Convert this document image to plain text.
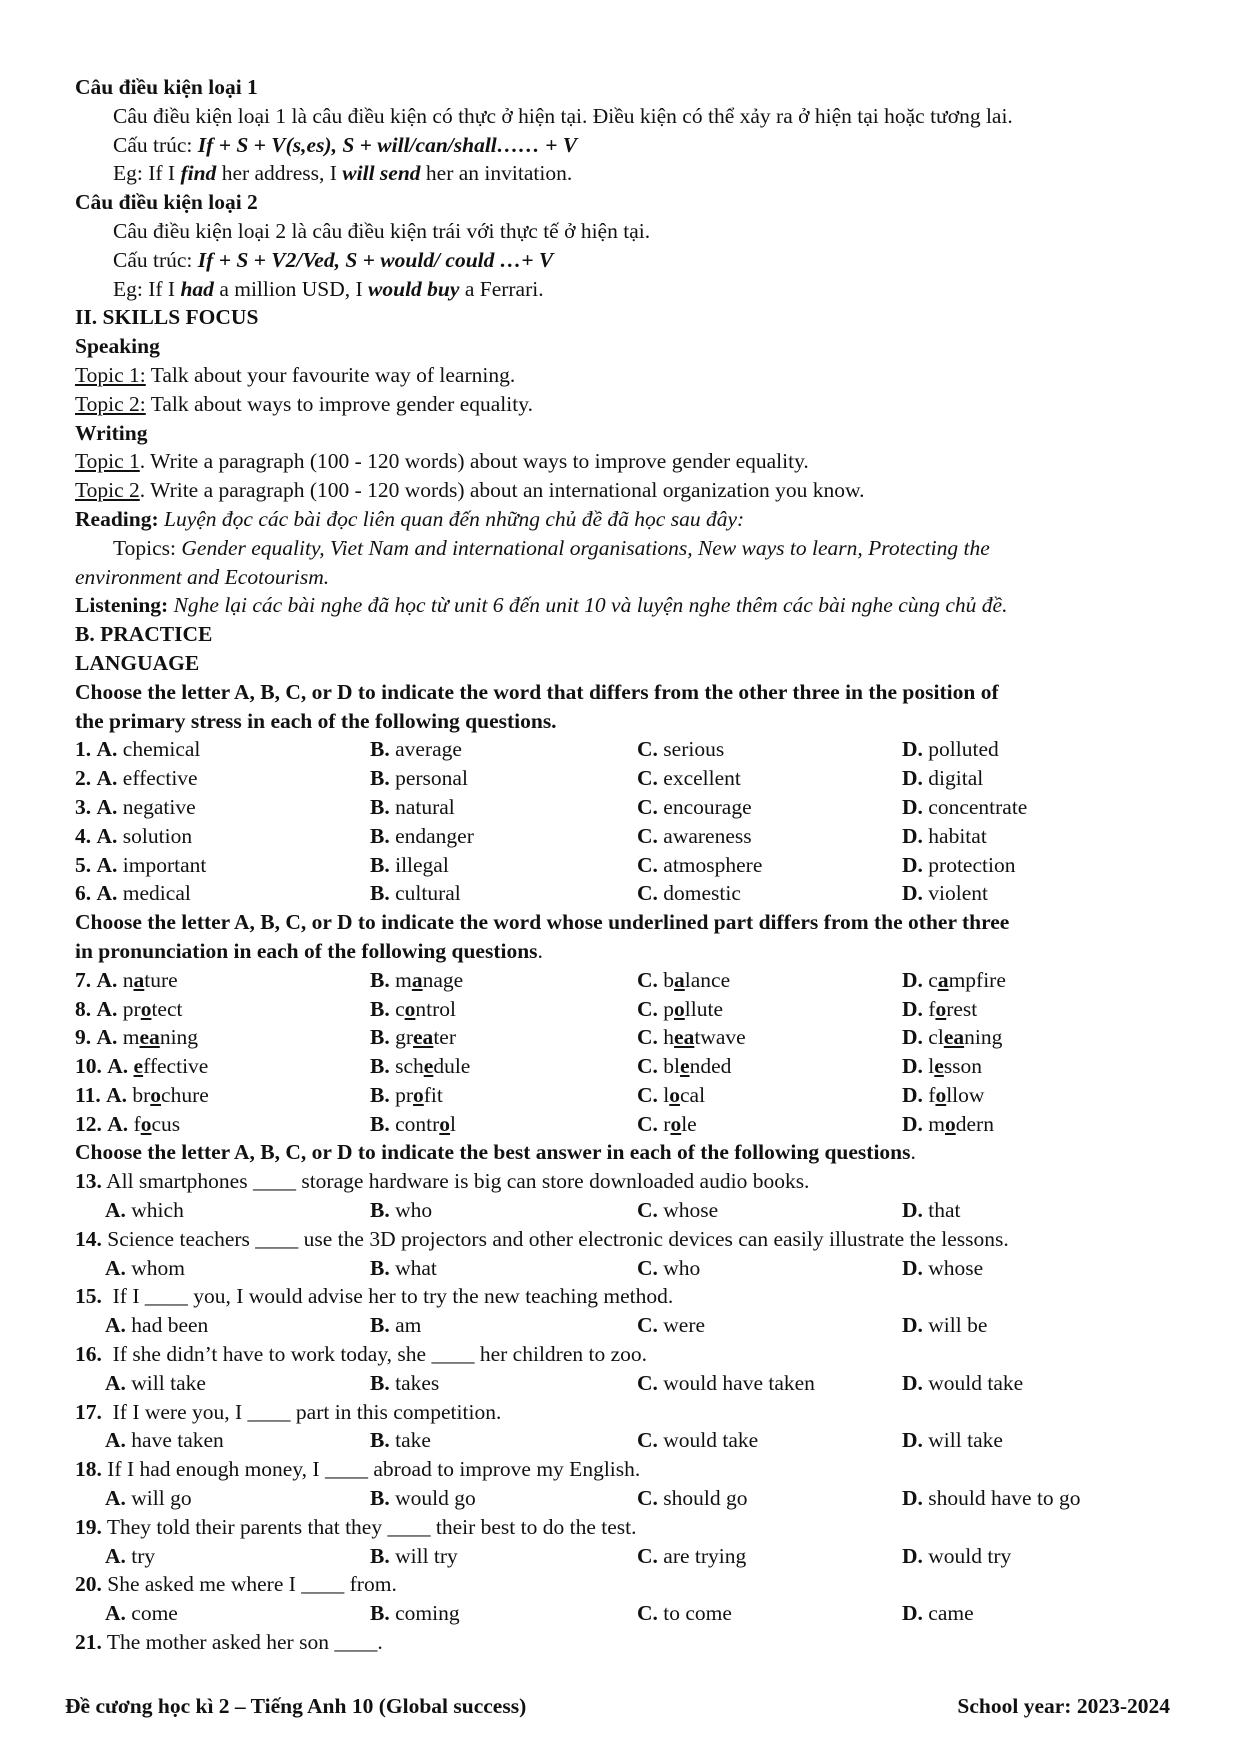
Câu điều kiện loại 1
Câu điều kiện loại 1 là câu điều kiện có thực ở hiện tại. Điều kiện có thể xảy ra ở hiện tại hoặc tương lai.
Cấu trúc: If + S + V(s,es), S + will/can/shall…… + V
Eg: If I find her address, I will send her an invitation.
Câu điều kiện loại 2
Câu điều kiện loại 2 là câu điều kiện trái với thực tế ở hiện tại.
Cấu trúc: If + S + V2/Ved, S + would/ could …+ V
Eg: If I had a million USD, I would buy a Ferrari.
II. SKILLS FOCUS
Speaking
Topic 1: Talk about your favourite way of learning.
Topic 2: Talk about ways to improve gender equality.
Writing
Topic 1. Write a paragraph (100 - 120 words) about ways to improve gender equality.
Topic 2. Write a paragraph (100 - 120 words) about an international organization you know.
Reading: Luyện đọc các bài đọc liên quan đến những chủ đề đã học sau đây:
Topics: Gender equality, Viet Nam and international organisations, New ways to learn, Protecting the
environment and Ecotourism.
Listening: Nghe lại các bài nghe đã học từ unit 6 đến unit 10 và luyện nghe thêm các bài nghe cùng chủ đề.
B. PRACTICE
LANGUAGE
Choose the letter A, B, C, or D to indicate the word that differs from the other three in the position of
the primary stress in each of the following questions.
1. A. chemical	B. average	C. serious	D. polluted
2. A. effective	B. personal	C. excellent	D. digital
3. A. negative	B. natural	C. encourage	D. concentrate
4. A. solution	B. endanger	C. awareness	D. habitat
5. A. important	B. illegal	C. atmosphere	D. protection
6. A. medical	B. cultural	C. domestic	D. violent
Choose the letter A, B, C, or D to indicate the word whose underlined part differs from the other three
in pronunciation in each of the following questions.
7. A. nature	B. manage	C. balance	D. campfire
8. A. protect	B. control	C. pollute	D. forest
9. A. meaning	B. greater	C. heatwave	D. cleaning
10. A. effective	B. schedule	C. blended	D. lesson
11. A. brochure	B. profit	C. local	D. follow
12. A. focus	B. control	C. role	D. modern
Choose the letter A, B, C, or D to indicate the best answer in each of the following questions.
13. All smartphones ____ storage hardware is big can store downloaded audio books.
A. which	B. who	C. whose	D. that
14. Science teachers ____ use the 3D projectors and other electronic devices can easily illustrate the lessons.
A. whom	B. what	C. who	D. whose
15.  If I ____ you, I would advise her to try the new teaching method.
A. had been	B. am	C. were	D. will be
16.  If she didn’t have to work today, she ____ her children to zoo.
A. will take	B. takes	C. would have taken	D. would take
17.  If I were you, I ____ part in this competition.
A. have taken	B. take	C. would take	D. will take
18. If I had enough money, I ____ abroad to improve my English.
A. will go	B. would go	C. should go	D. should have to go
19. They told their parents that they ____ their best to do the test.
A. try	B. will try	C. are trying	D. would try
20. She asked me where I ____ from.
A. come	B. coming	C. to come	D. came
21. The mother asked her son ____.
Đề cương học kì 2 – Tiếng Anh 10 (Global success)	School year: 2023-2024
